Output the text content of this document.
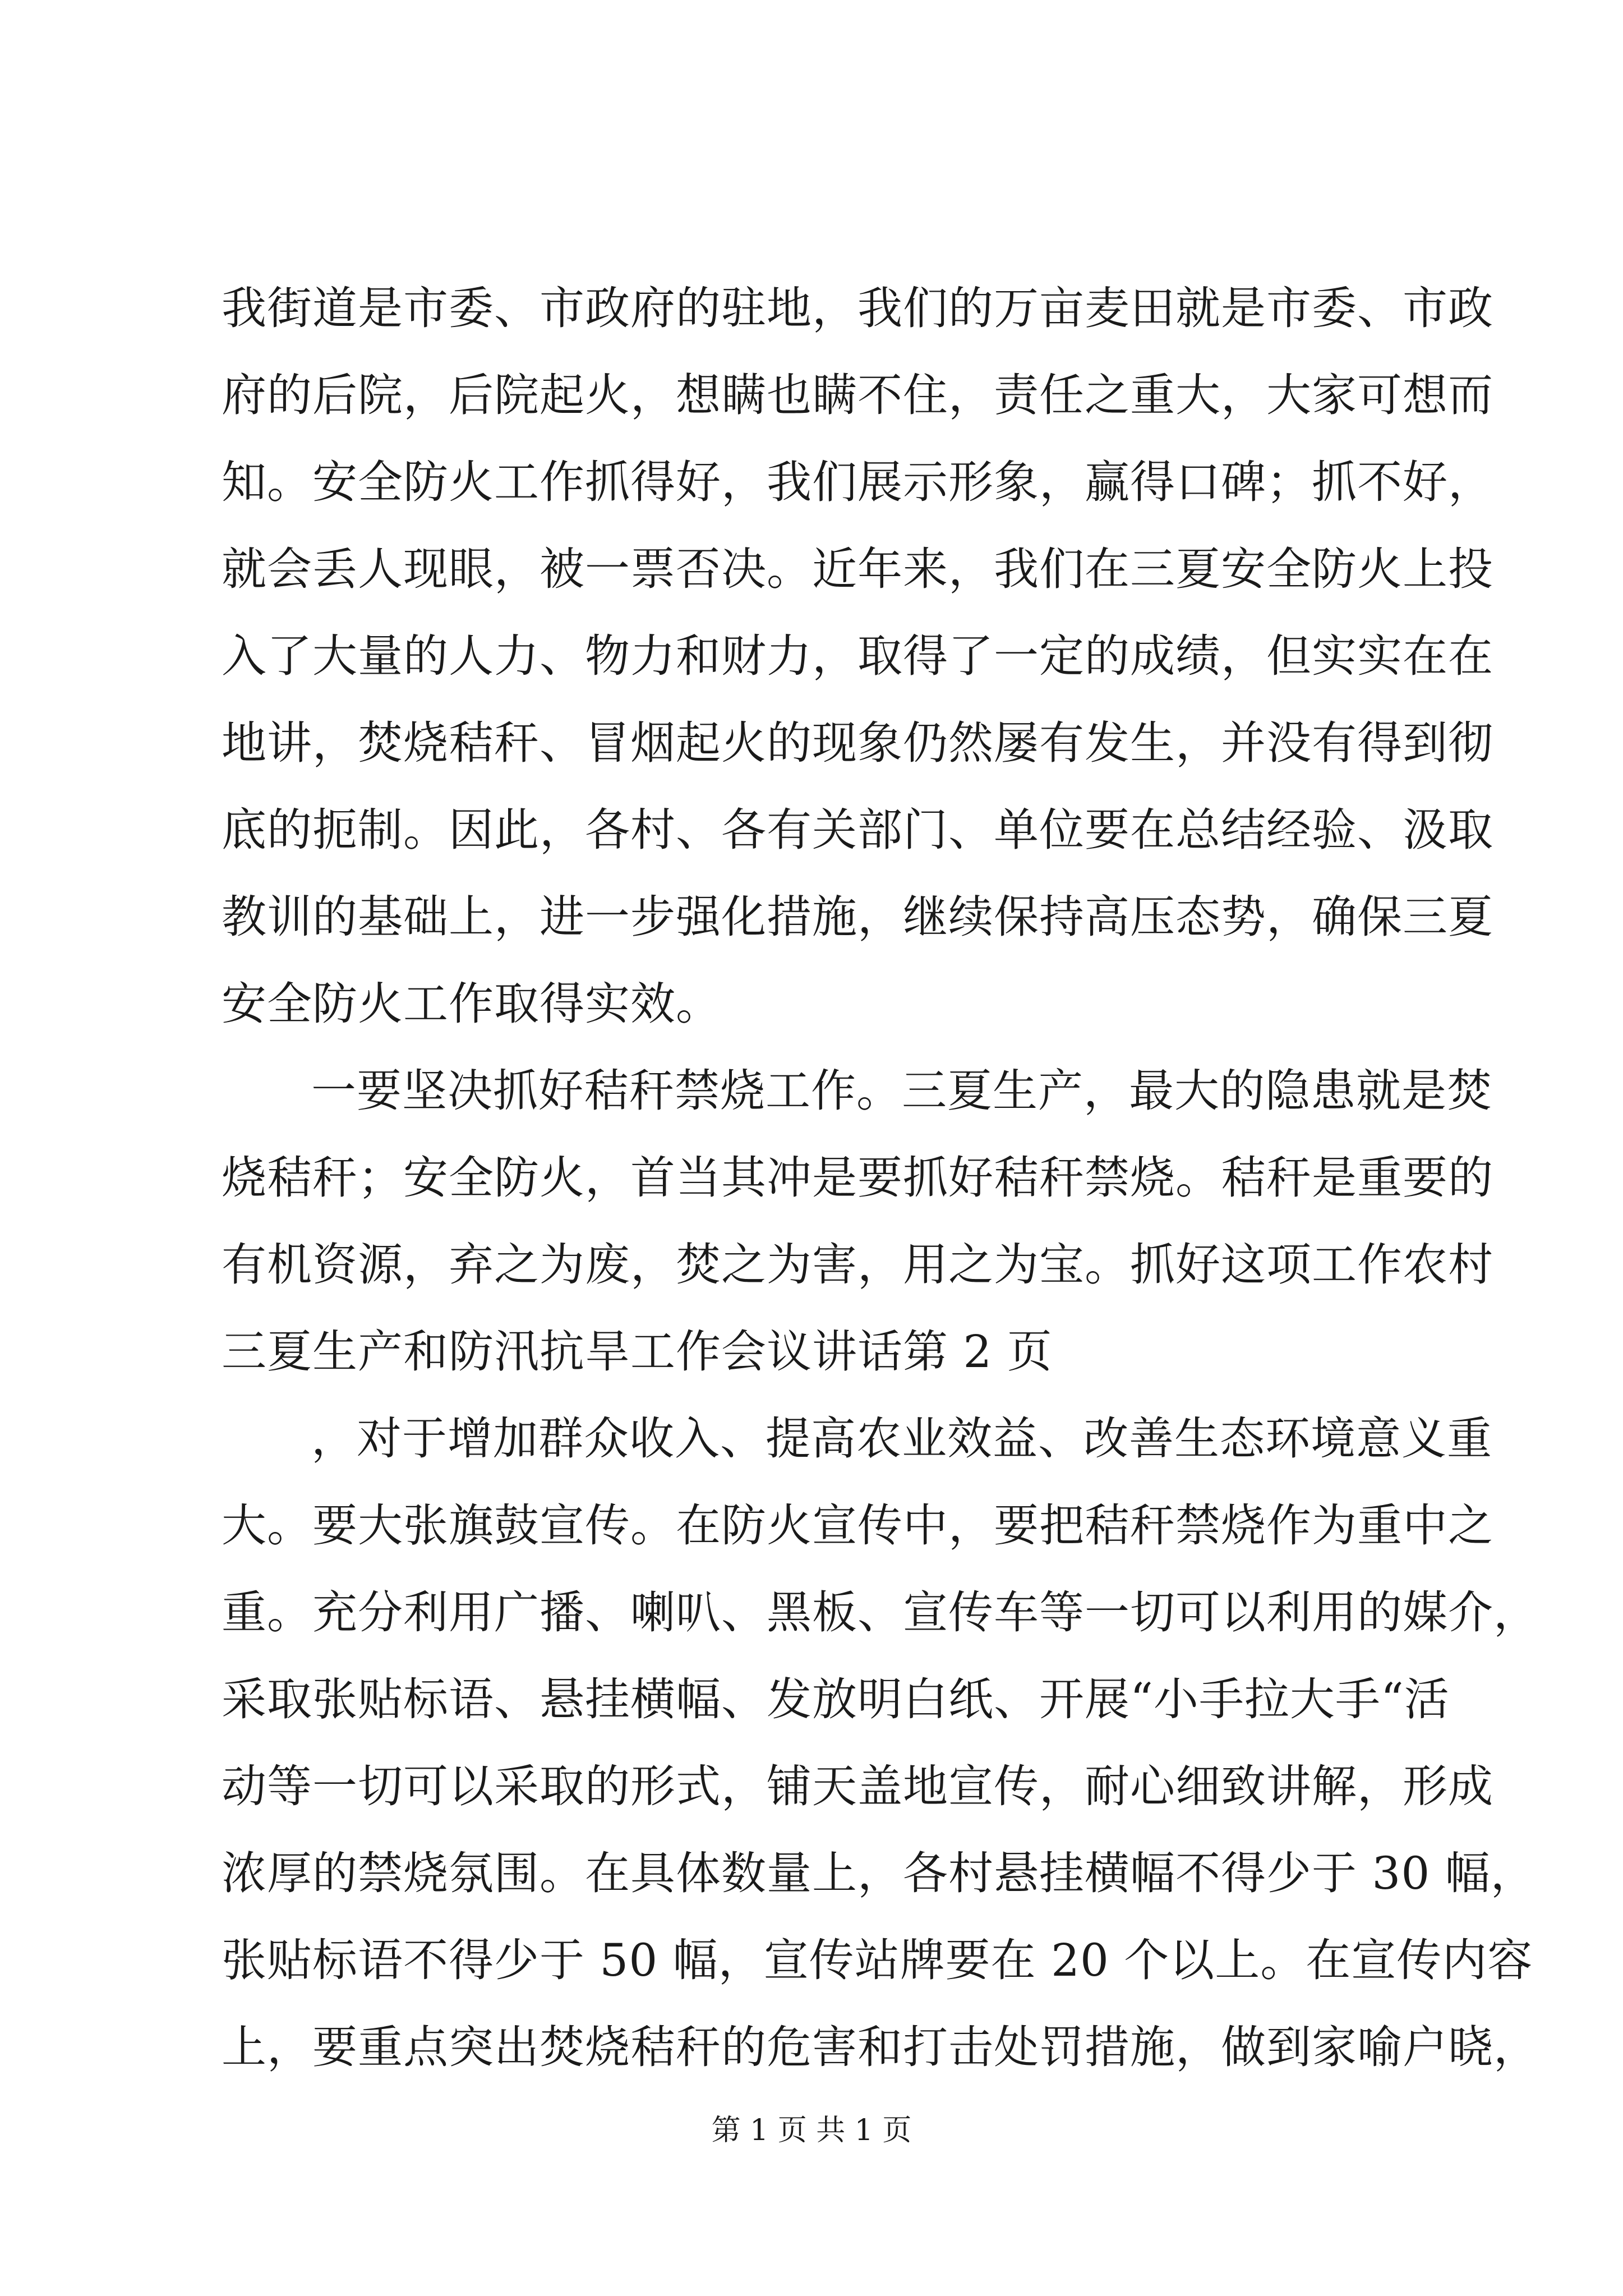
我街道是市委、市政府的驻地，我们的万亩麦田就是市委、市政
府的后院，后院起火，想瞒也瞒不住，责任之重大，大家可想而
知。安全防火工作抓得好，我们展示形象，赢得口碑；抓不好，
就会丢人现眼，被一票否决。近年来，我们在三夏安全防火上投
入了大量的人力、物力和财力，取得了一定的成绩，但实实在在
地讲，焚烧秸秆、冒烟起火的现象仍然屡有发生，并没有得到彻
底的扼制。因此，各村、各有关部门、单位要在总结经验、汲取
教训的基础上，进一步强化措施，继续保持高压态势，确保三夏
安全防火工作取得实效。
一要坚决抓好秸秆禁烧工作。三夏生产，最大的隐患就是焚
烧秸秆；安全防火，首当其冲是要抓好秸秆禁烧。秸秆是重要的
有机资源，弃之为废，焚之为害，用之为宝。抓好这项工作农村
三夏生产和防汛抗旱工作会议讲话第 2 页
，对于增加群众收入、提高农业效益、改善生态环境意义重
大。要大张旗鼓宣传。在防火宣传中，要把秸秆禁烧作为重中之
重。充分利用广播、喇叭、黑板、宣传车等一切可以利用的媒介，
采取张贴标语、悬挂横幅、发放明白纸、开展“小手拉大手“活
动等一切可以采取的形式，铺天盖地宣传，耐心细致讲解，形成
浓厚的禁烧氛围。在具体数量上，各村悬挂横幅不得少于 30 幅，
张贴标语不得少于 50 幅，宣传站牌要在 20 个以上。在宣传内容
上，要重点突出焚烧秸秆的危害和打击处罚措施，做到家喻户晓，
第 1 页 共 1 页
